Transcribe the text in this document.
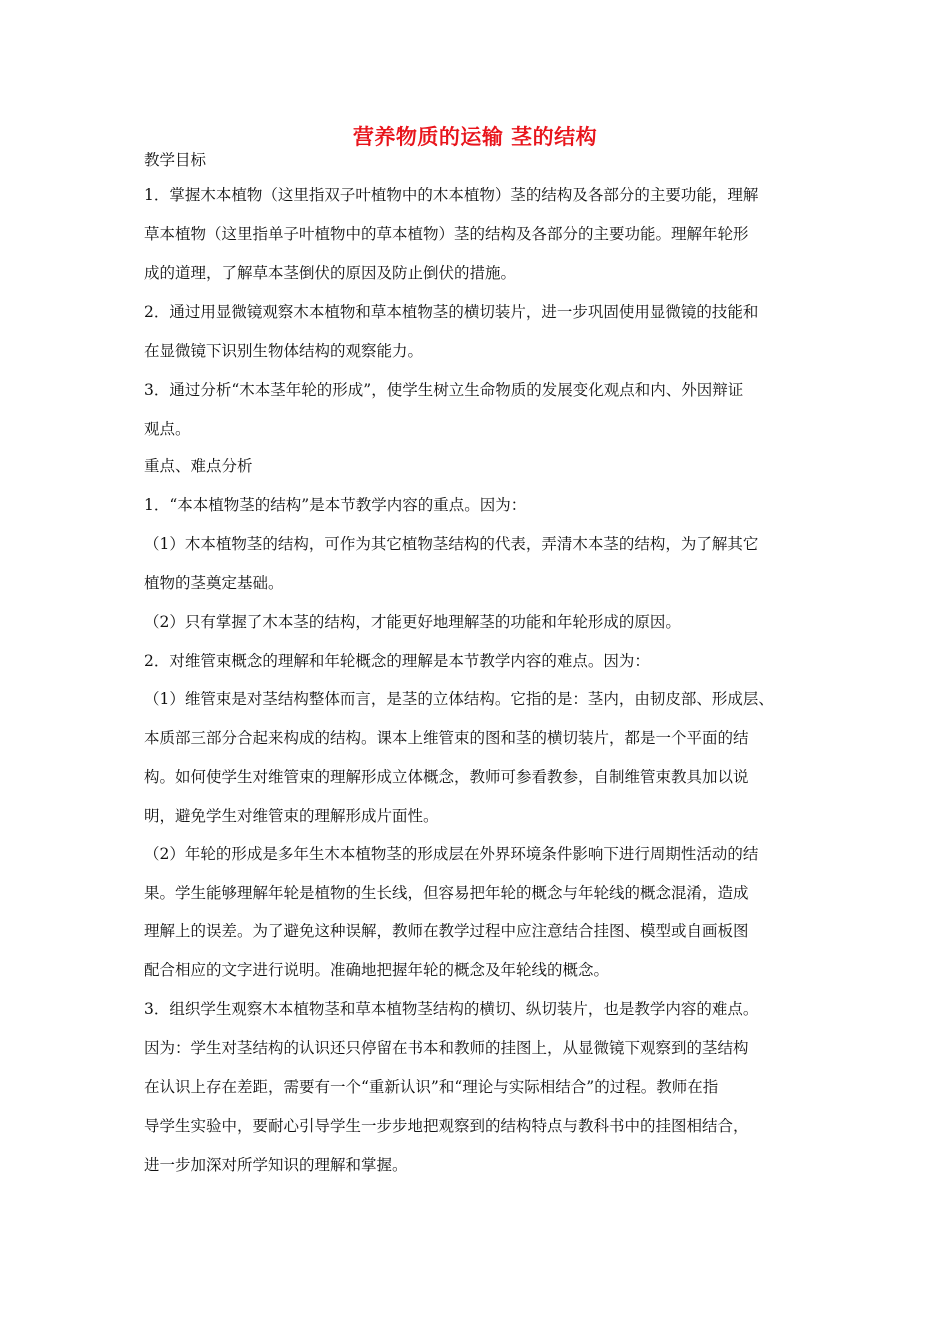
营养物质的运输 茎的结构
教学目标
1．掌握木本植物（这里指双子叶植物中的木本植物）茎的结构及各部分的主要功能，理解
草本植物（这里指单子叶植物中的草本植物）茎的结构及各部分的主要功能。理解年轮形
成的道理，了解草本茎倒伏的原因及防止倒伏的措施。
2．通过用显微镜观察木本植物和草本植物茎的横切装片，进一步巩固使用显微镜的技能和
在显微镜下识别生物体结构的观察能力。
3．通过分析“木本茎年轮的形成”，使学生树立生命物质的发展变化观点和内、外因辩证
观点。
重点、难点分析
1．“本本植物茎的结构”是本节教学内容的重点。因为：
（1）木本植物茎的结构，可作为其它植物茎结构的代表，弄清木本茎的结构，为了解其它
植物的茎奠定基础。
（2）只有掌握了木本茎的结构，才能更好地理解茎的功能和年轮形成的原因。
2．对维管束概念的理解和年轮概念的理解是本节教学内容的难点。因为：
（1）维管束是对茎结构整体而言，是茎的立体结构。它指的是：茎内，由韧皮部、形成层、
本质部三部分合起来构成的结构。课本上维管束的图和茎的横切装片，都是一个平面的结
构。如何使学生对维管束的理解形成立体概念，教师可参看教参，自制维管束教具加以说
明，避免学生对维管束的理解形成片面性。
（2）年轮的形成是多年生木本植物茎的形成层在外界环境条件影响下进行周期性活动的结
果。学生能够理解年轮是植物的生长线，但容易把年轮的概念与年轮线的概念混淆，造成
理解上的误差。为了避免这种误解，教师在教学过程中应注意结合挂图、模型或自画板图
配合相应的文字进行说明。准确地把握年轮的概念及年轮线的概念。
3．组织学生观察木本植物茎和草本植物茎结构的横切、纵切装片，也是教学内容的难点。
因为：学生对茎结构的认识还只停留在书本和教师的挂图上，从显微镜下观察到的茎结构
在认识上存在差距，需要有一个“重新认识”和“理论与实际相结合”的过程。教师在指
导学生实验中，要耐心引导学生一步步地把观察到的结构特点与教科书中的挂图相结合，
进一步加深对所学知识的理解和掌握。
